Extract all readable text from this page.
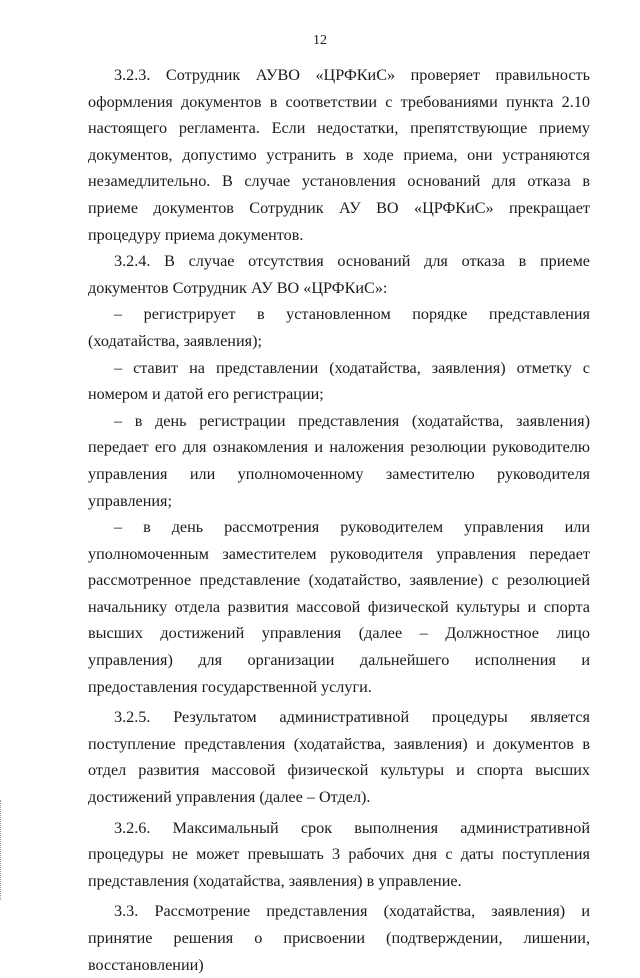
12

3.2.3. Сотрудник АУВО «ЦРФКиС» проверяет правильность оформления документов в соответствии с требованиями пункта 2.10 настоящего регламента. Если недостатки, препятствующие приему документов, допустимо устранить в ходе приема, они устраняются незамедлительно. В случае установления оснований для отказа в приеме документов Сотрудник АУ ВО «ЦРФКиС» прекращает процедуру приема документов.

3.2.4. В случае отсутствия оснований для отказа в приеме документов Сотрудник АУ ВО «ЦРФКиС»:

– регистрирует в установленном порядке представления (ходатайства, заявления);

– ставит на представлении (ходатайства, заявления) отметку с номером и датой его регистрации;

– в день регистрации представления (ходатайства, заявления) передает его для ознакомления и наложения резолюции руководителю управления или уполномоченному заместителю руководителя управления;

– в день рассмотрения руководителем управления или уполномоченным заместителем руководителя управления передает рассмотренное представление (ходатайство, заявление) с резолюцией начальнику отдела развития массовой физической культуры и спорта высших достижений управления (далее – Должностное лицо управления) для организации дальнейшего исполнения и предоставления государственной услуги.

3.2.5. Результатом административной процедуры является поступление представления (ходатайства, заявления) и документов в отдел развития массовой физической культуры и спорта высших достижений управления (далее – Отдел).

3.2.6. Максимальный срок выполнения административной процедуры не может превышать 3 рабочих дня с даты поступления представления (ходатайства, заявления) в управление.

3.3. Рассмотрение представления (ходатайства, заявления) и принятие решения о присвоении (подтверждении, лишении, восстановлении)
